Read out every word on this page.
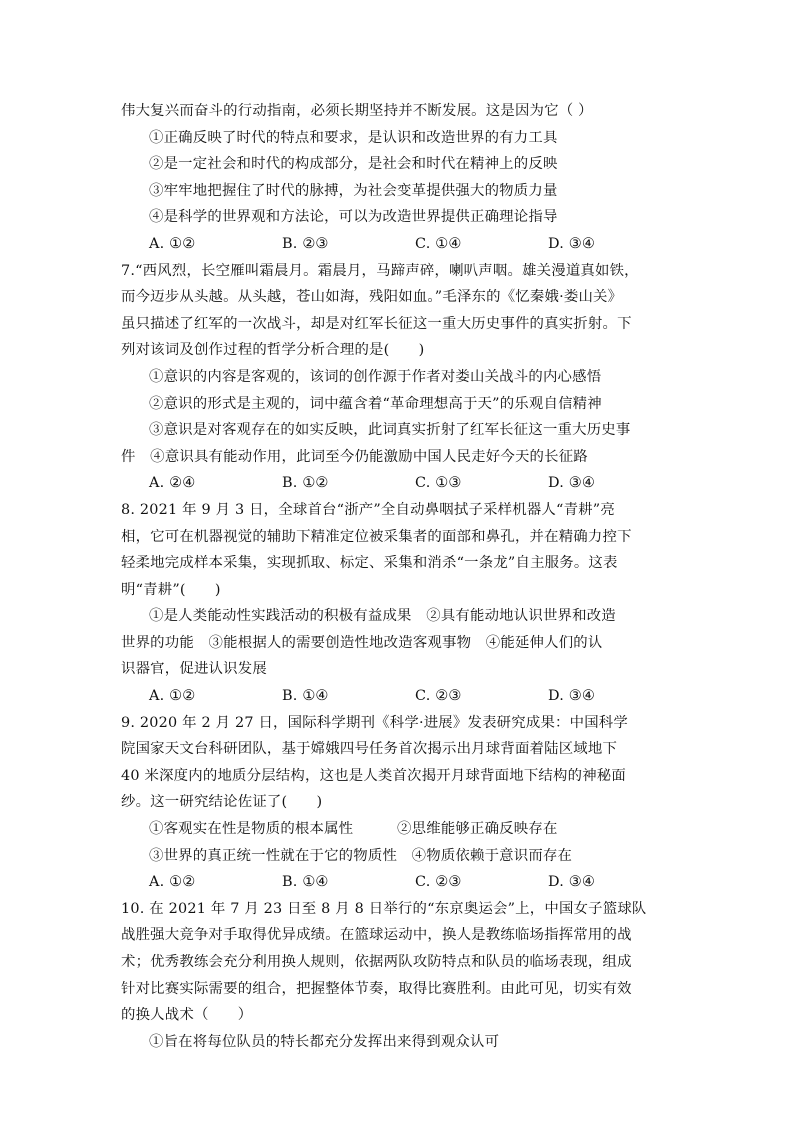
伟大复兴而奋斗的行动指南，必须长期坚持并不断发展。这是因为它（ ）
①正确反映了时代的特点和要求，是认识和改造世界的有力工具
②是一定社会和时代的构成部分，是社会和时代在精神上的反映
③牢牢地把握住了时代的脉搏，为社会变革提供强大的物质力量
④是科学的世界观和方法论，可以为改造世界提供正确理论指导
A. ①②	B. ②③	C. ①④	D. ③④
7.“西风烈，长空雁叫霜晨月。霜晨月，马蹄声碎，喇叭声咽。雄关漫道真如铁，
而今迈步从头越。从头越，苍山如海，残阳如血。”毛泽东的《忆秦娥·娄山关》
虽只描述了红军的一次战斗，却是对红军长征这一重大历史事件的真实折射。下
列对该词及创作过程的哲学分析合理的是(　　)
①意识的内容是客观的，该词的创作源于作者对娄山关战斗的内心感悟
②意识的形式是主观的，词中蕴含着“革命理想高于天”的乐观自信精神
③意识是对客观存在的如实反映，此词真实折射了红军长征这一重大历史事
件　④意识具有能动作用，此词至今仍能激励中国人民走好今天的长征路
A. ②④	B. ①②	C. ①③	D. ③④
8. 2021 年 9 月 3 日，全球首台“浙产”全自动鼻咽拭子采样机器人“青耕”亮
相，它可在机器视觉的辅助下精准定位被采集者的面部和鼻孔，并在精确力控下
轻柔地完成样本采集，实现抓取、标定、采集和消杀“一条龙”自主服务。这表
明“青耕”(　　)
①是人类能动性实践活动的积极有益成果　②具有能动地认识世界和改造
世界的功能　③能根据人的需要创造性地改造客观事物　④能延伸人们的认
识器官，促进认识发展
A. ①②	B. ①④	C. ②③	D. ③④
9. 2020 年 2 月 27 日，国际科学期刊《科学·进展》发表研究成果：中国科学
院国家天文台科研团队，基于嫦娥四号任务首次揭示出月球背面着陆区域地下
40 米深度内的地质分层结构，这也是人类首次揭开月球背面地下结构的神秘面
纱。这一研究结论佐证了(　　)
①客观实在性是物质的根本属性　　　②思维能够正确反映存在
③世界的真正统一性就在于它的物质性　④物质依赖于意识而存在
A. ①②	B. ①④	C. ②③	D. ③④
10. 在 2021 年 7 月 23 日至 8 月 8 日举行的“东京奥运会”上，中国女子篮球队
战胜强大竞争对手取得优异成绩。在篮球运动中，换人是教练临场指挥常用的战
术；优秀教练会充分利用换人规则，依据两队攻防特点和队员的临场表现，组成
针对比赛实际需要的组合，把握整体节奏，取得比赛胜利。由此可见，切实有效
的换人战术（　　）
①旨在将每位队员的特长都充分发挥出来得到观众认可
